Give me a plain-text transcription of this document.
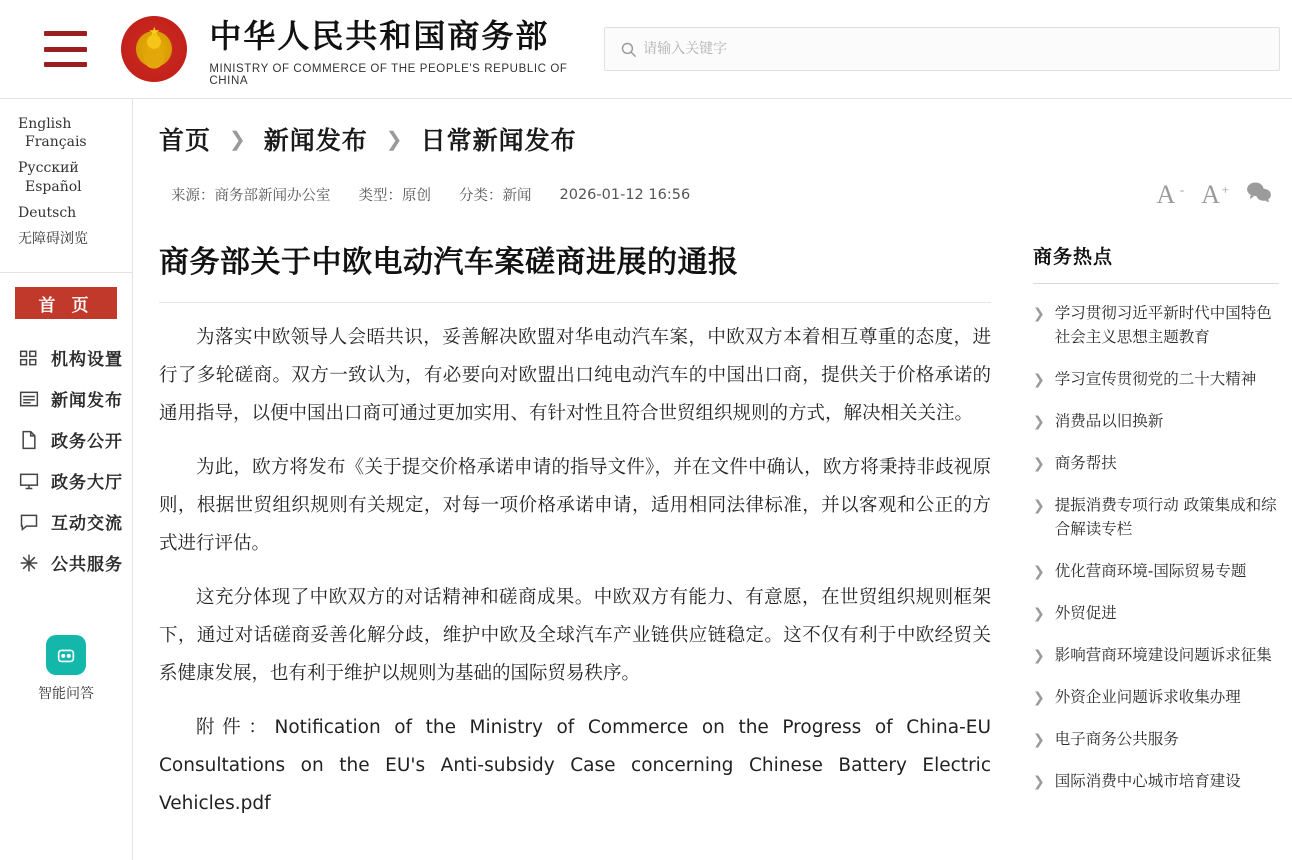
★ 中华人民共和国商务部
MINISTRY OF COMMERCE OF THE PEOPLE'S REPUBLIC OF CHINA
请输入关键字
English Français
Русский Español
Deutsch
无障碍浏览
首 页
机构设置
新闻发布
政务公开
政务大厅
互动交流
公共服务
智能问答
首页 ❯ 新闻发布 ❯ 日常新闻发布
来源：商务部新闻办公室 类型：原创 分类：新闻 2026-01-12 16:56	A - A +
商务部关于中欧电动汽车案磋商进展的通报

为落实中欧领导人会晤共识，妥善解决欧盟对华电动汽车案，中欧双方本着相互尊重的态度，进行了多轮磋商。双方一致认为，有必要向对欧盟出口纯电动汽车的中国出口商，提供关于价格承诺的通用指导，以便中国出口商可通过更加实用、有针对性且符合世贸组织规则的方式，解决相关关注。

为此，欧方将发布《关于提交价格承诺申请的指导文件》，并在文件中确认，欧方将秉持非歧视原则，根据世贸组织规则有关规定，对每一项价格承诺申请，适用相同法律标准，并以客观和公正的方式进行评估。

这充分体现了中欧双方的对话精神和磋商成果。中欧双方有能力、有意愿，在世贸组织规则框架下，通过对话磋商妥善化解分歧，维护中欧及全球汽车产业链供应链稳定。这不仅有利于中欧经贸关系健康发展，也有利于维护以规则为基础的国际贸易秩序。

附件：Notification of the Ministry of Commerce on the Progress of China-EU Consultations on the EU's Anti-subsidy Case concerning Chinese Battery Electric Vehicles.pdf

商务热点
❯ 学习贯彻习近平新时代中国特色社会主义思想主题教育
❯ 学习宣传贯彻党的二十大精神
❯ 消费品以旧换新
❯ 商务帮扶
❯ 提振消费专项行动 政策集成和综合解读专栏
❯ 优化营商环境-国际贸易专题
❯ 外贸促进
❯ 影响营商环境建设问题诉求征集
❯ 外资企业问题诉求收集办理
❯ 电子商务公共服务
❯ 国际消费中心城市培育建设
